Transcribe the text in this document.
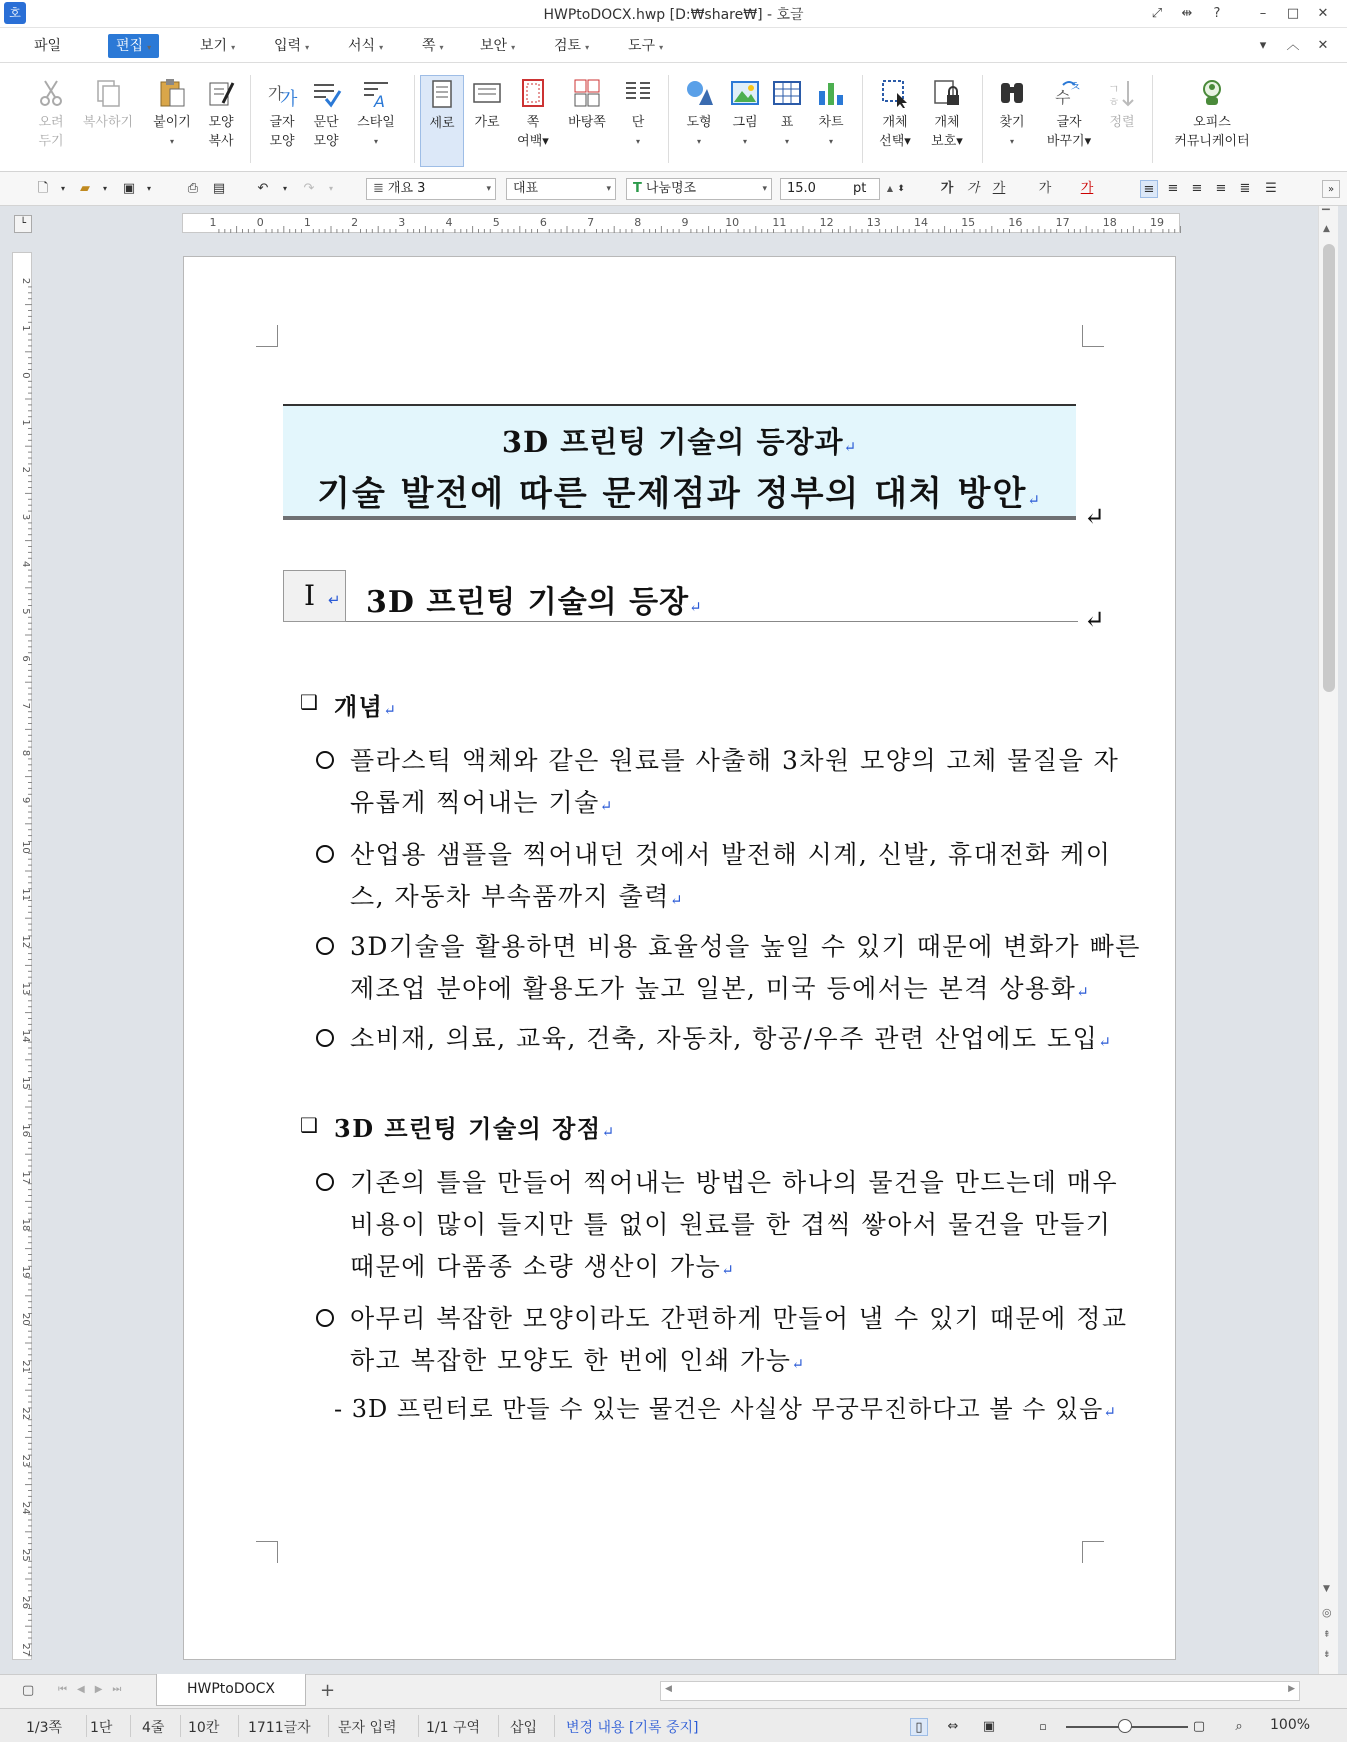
호	HWPtoDOCX.hwp [D:₩share₩] - 호글	⤢	⇹	?	–	□	✕
파일	편집 ▾	보기 ▾	입력 ▾	서식 ▾	쪽 ▾	보안 ▾	검토 ▾	도구 ▾	▾	︿	✕
오려
두기
복사하기	붙이기
▾
모양
복사
가
가
글자
모양
문단
모양
A
스타일
▾
세로	가로	쪽
여백▾
바탕쪽	단
▾
도형
▾
그림
▾
표
▾
차트
▾
개체
선택▾
개체
보호▾
찾기
▾
수
ㅊ
글자
바꾸기▾
ㄱ
ㅎ
정렬	오피스
커뮤니케이터
🗋	▾	▰	▾	▣	▾	⎙ ▤ ↶	▾	↷	▾	≣ 개요 3	▾	대표	▾	T 나눔명조	▾	15.0	pt	▲ ⬍	가 가 가	가 가	≡ ≡ ≡ ≡ ≣ ☰	»
└	1	0	1	2	3	4	5	6	7	8	9	10	11	12	13	14	15	16	17	18	19
2
1
0
1
2
3
4
5
6
7
8
9
10
11
12
13
14
15
16
17
18
19
20
21
22
23
24
25
26
27
▔
▲
▼
◎
⇞
⇟
3D 프린팅 기술의 등장과↵
기술 발전에 따른 문제점과 정부의 대처 방안↵
↵
Ⅰ ↵ 3D 프린팅 기술의 등장↵	↵
❑ 개념↵
플라스틱 액체와 같은 원료를 사출해 3차원 모양의 고체 물질을 자
유롭게 찍어내는 기술↵
산업용 샘플을 찍어내던 것에서 발전해 시계, 신발, 휴대전화 케이
스, 자동차 부속품까지 출력↵
3D기술을 활용하면 비용 효율성을 높일 수 있기 때문에 변화가 빠른
제조업 분야에 활용도가 높고 일본, 미국 등에서는 본격 상용화↵
소비재, 의료, 교육, 건축, 자동차, 항공/우주 관련 산업에도 도입↵
❑ 3D 프린팅 기술의 장점↵
기존의 틀을 만들어 찍어내는 방법은 하나의 물건을 만드는데 매우
비용이 많이 들지만 틀 없이 원료를 한 겹씩 쌓아서 물건을 만들기
때문에 다품종 소량 생산이 가능↵
아무리 복잡한 모양이라도 간편하게 만들어 낼 수 있기 때문에 정교
하고 복잡한 모양도 한 번에 인쇄 가능↵
- 3D 프린터로 만들 수 있는 물건은 사실상 무궁무진하다고 볼 수 있음↵
▢ ⏮◀▶⏭	◀	▶
HWPtoDOCX	+
1/3쪽 1단 4줄 10칸 1711글자 문자 입력 1/1 구역 삽입 변경 내용 [기록 중지]	▯	⇔ ▣	▫	▢	⌕	100%
